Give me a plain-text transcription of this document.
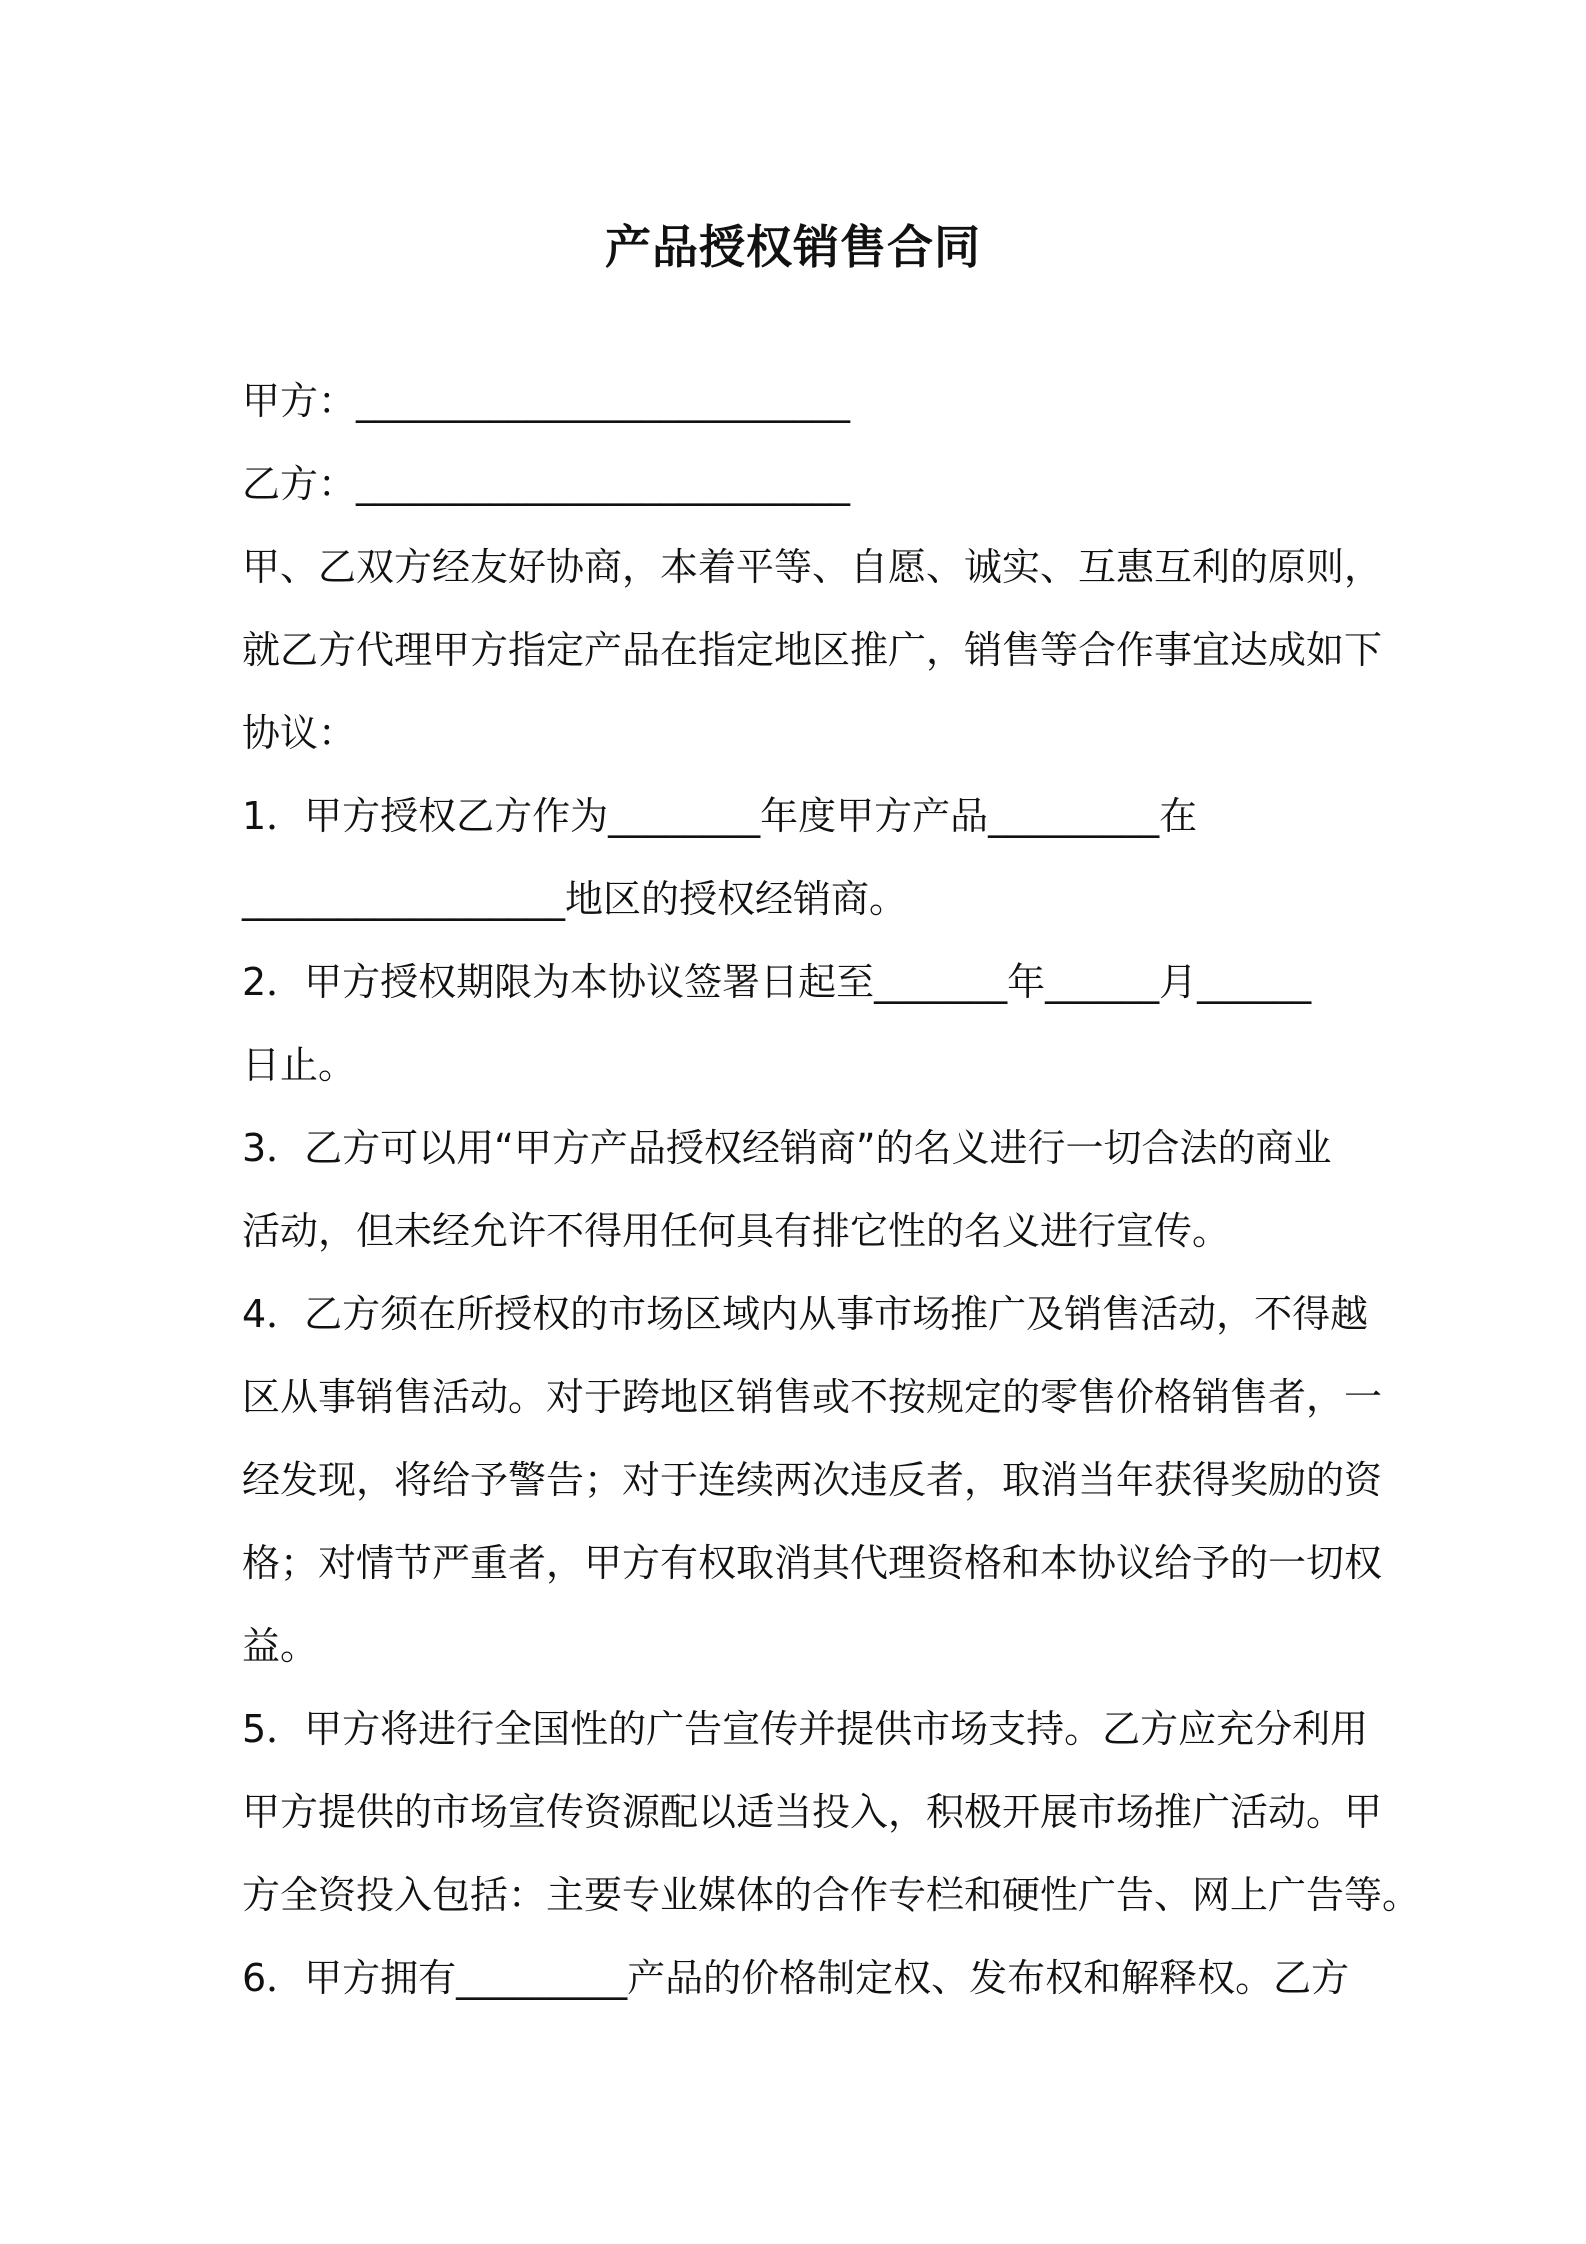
产品授权销售合同
甲方：__________________________
乙方：__________________________
甲、乙双方经友好协商，本着平等、自愿、诚实、互惠互利的原则，
就乙方代理甲方指定产品在指定地区推广，销售等合作事宜达成如下
协议：
1．甲方授权乙方作为________年度甲方产品_________在
_________________地区的授权经销商。
2．甲方授权期限为本协议签署日起至_______年______月______
日止。
3．乙方可以用“甲方产品授权经销商”的名义进行一切合法的商业
活动，但未经允许不得用任何具有排它性的名义进行宣传。
4．乙方须在所授权的市场区域内从事市场推广及销售活动，不得越
区从事销售活动。对于跨地区销售或不按规定的零售价格销售者，一
经发现，将给予警告；对于连续两次违反者，取消当年获得奖励的资
格；对情节严重者，甲方有权取消其代理资格和本协议给予的一切权
益。
5．甲方将进行全国性的广告宣传并提供市场支持。乙方应充分利用
甲方提供的市场宣传资源配以适当投入，积极开展市场推广活动。甲
方全资投入包括：主要专业媒体的合作专栏和硬性广告、网上广告等。
6．甲方拥有_________产品的价格制定权、发布权和解释权。乙方
